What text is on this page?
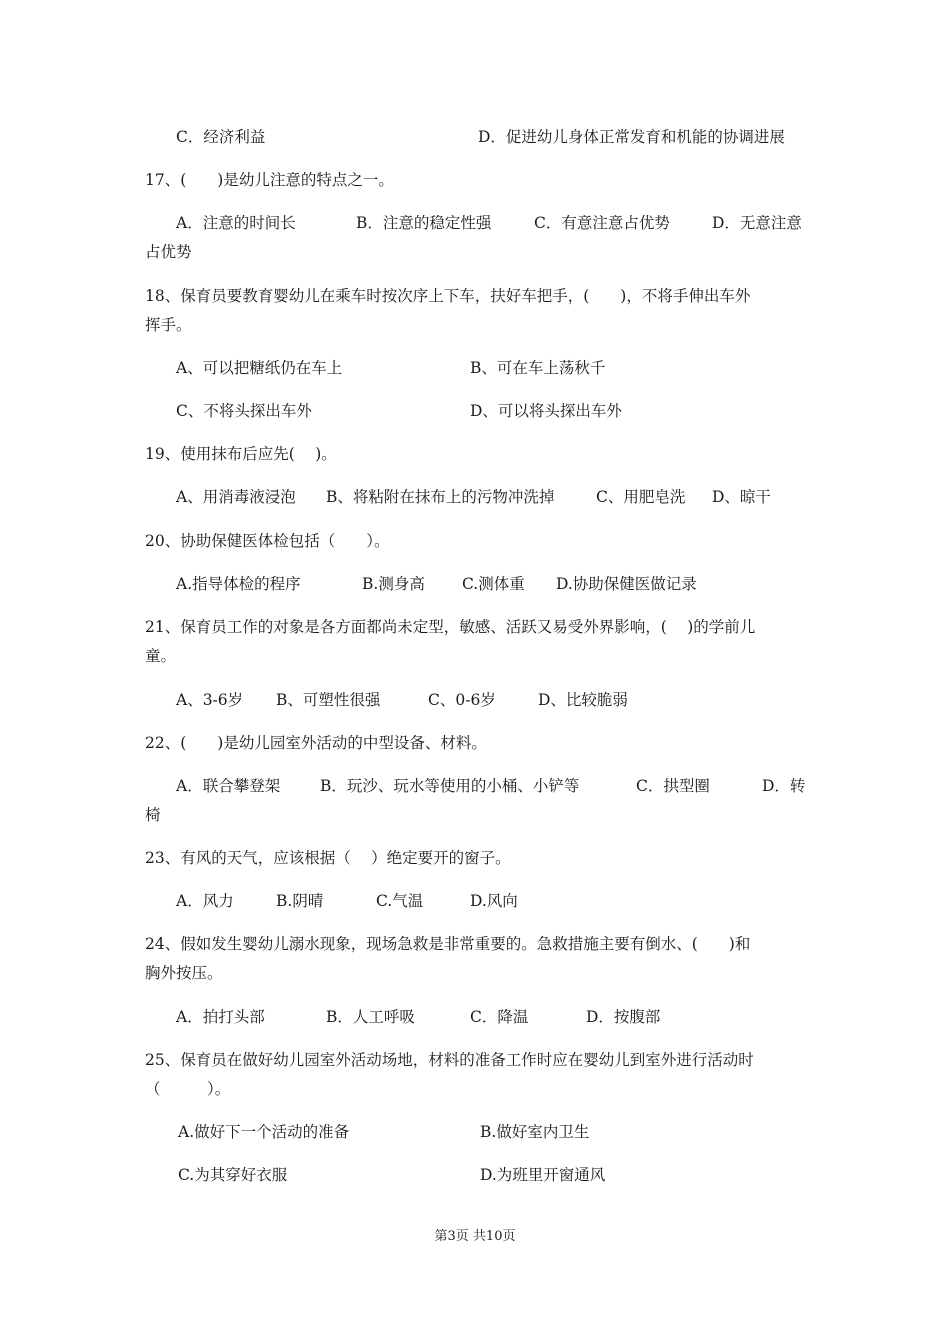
C．经济利益	D．促进幼儿身体正常发育和机能的协调进展
17、(　　)是幼儿注意的特点之一。
A．注意的时间长	B．注意的稳定性强	C．有意注意占优势	D．无意注意
占优势
18、保育员要教育婴幼儿在乘车时按次序上下车，扶好车把手，(　　)，不将手伸出车外
挥手。
A、可以把糖纸仍在车上	B、可在车上荡秋千
C、不将头探出车外	D、可以将头探出车外
19、使用抹布后应先(　 )。
A、用消毒液浸泡 B、将粘附在抹布上的污物冲洗掉	C、用肥皂洗 D、晾干
20、协助保健医体检包括（　　）。
A.指导体检的程序	B.测身高 C.测体重 D.协助保健医做记录
21、保育员工作的对象是各方面都尚未定型，敏感、活跃又易受外界影响，(　 )的学前儿
童。
A、3-6岁 B、可塑性很强	C、0-6岁	D、比较脆弱
22、(　　)是幼儿园室外活动的中型设备、材料。
A．联合攀登架	B．玩沙、玩水等使用的小桶、小铲等	C．拱型圈	D．转
椅
23、有风的天气，应该根据（　 ）绝定要开的窗子。
A．风力	B.阴晴	C.气温	D.风向
24、假如发生婴幼儿溺水现象，现场急救是非常重要的。急救措施主要有倒水、(　　)和
胸外按压。
A．拍打头部	B．人工呼吸	C．降温	D．按腹部
25、保育员在做好幼儿园室外活动场地，材料的准备工作时应在婴幼儿到室外进行活动时
（　　　）。
A.做好下一个活动的准备	B.做好室内卫生
C.为其穿好衣服	D.为班里开窗通风
第3页 共10页
